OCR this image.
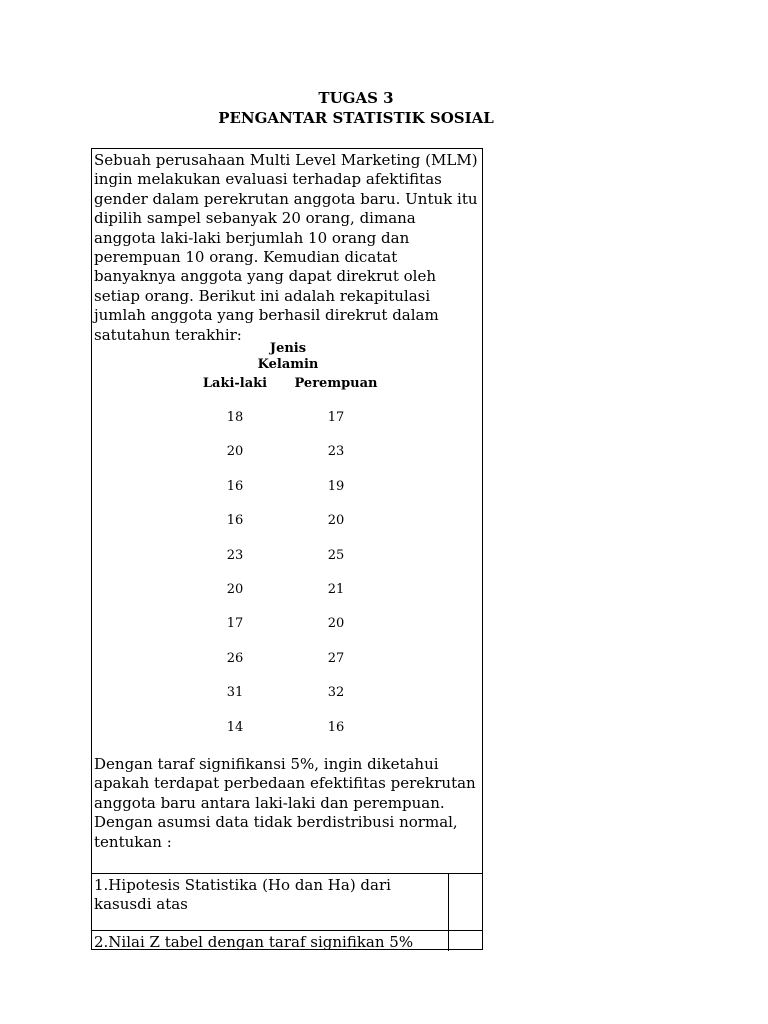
TUGAS 3
PENGANTAR STATISTIK SOSIAL

Sebuah perusahaan Multi Level Marketing (MLM) ingin melakukan evaluasi terhadap afektifitas gender dalam perekrutan anggota baru. Untuk itu dipilih sampel sebanyak 20 orang, dimana anggota laki-laki berjumlah 10 orang dan perempuan 10 orang. Kemudian dicatat banyaknya anggota yang dapat direkrut oleh setiap orang. Berikut ini adalah rekapitulasi jumlah anggota yang berhasil direkrut dalam satutahun terakhir:

Jenis Kelamin
Laki-laki Perempuan
18	17
20	23
16	19
16	20
23	25
20	21
17	20
26	27
31	32
14	16

Dengan taraf signifikansi 5%, ingin diketahui apakah terdapat perbedaan efektifitas perekrutan anggota baru antara laki-laki dan perempuan. Dengan asumsi data tidak berdistribusi normal, tentukan :

1.Hipotesis Statistika (Ho dan Ha) dari kasusdi atas
2.Nilai Z tabel dengan taraf signifikan 5%
